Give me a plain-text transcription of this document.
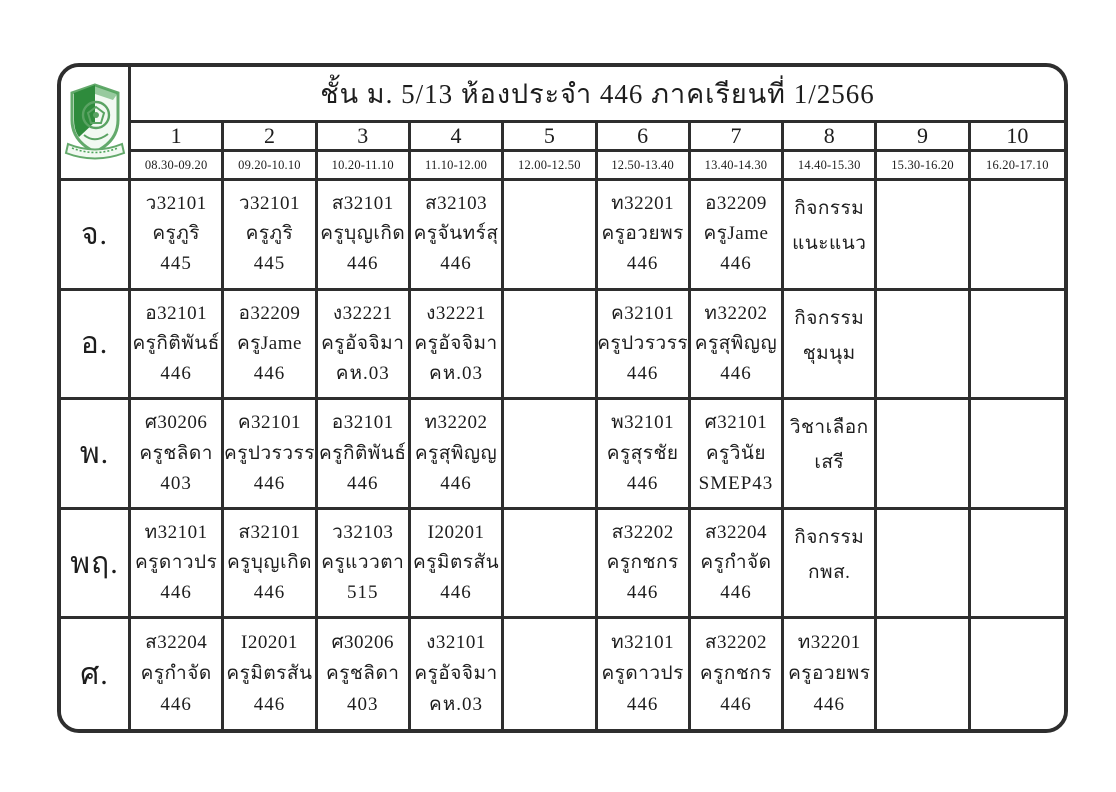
ชั้น ม. 5/13 ห้องประจำ 446 ภาคเรียนที่ 1/2566
1
08.30-09.20
2
09.20-10.10
3
10.20-11.10
4
11.10-12.00
5
12.00-12.50
6
12.50-13.40
7
13.40-14.30
8
14.40-15.30
9
15.30-16.20
10
16.20-17.10
จ.
ว32101
ครูภูริ
445
ว32101
ครูภูริ
445
ส32101
ครูบุญเกิด
446
ส32103
ครูจันทร์สุ
446
ท32201
ครูอวยพร
446
อ32209
ครูJame
446
กิจกรรม
แนะแนว
อ.
อ32101
ครูกิติพันธ์
446
อ32209
ครูJame
446
ง32221
ครูอัจจิมา
คห.03
ง32221
ครูอัจจิมา
คห.03
ค32101
ครูปวรวรร
446
ท32202
ครูสุพิญญ
446
กิจกรรม
ชุมนุม
พ.
ศ30206
ครูชลิดา
403
ค32101
ครูปวรวรร
446
อ32101
ครูกิติพันธ์
446
ท32202
ครูสุพิญญ
446
พ32101
ครูสุรชัย
446
ศ32101
ครูวินัย
SMEP43
วิชาเลือก
เสรี
พฤ.
ท32101
ครูดาวปร
446
ส32101
ครูบุญเกิด
446
ว32103
ครูแววตา
515
I20201
ครูมิตรสัน
446
ส32202
ครูกชกร
446
ส32204
ครูกำจัด
446
กิจกรรม
กพส.
ศ.
ส32204
ครูกำจัด
446
I20201
ครูมิตรสัน
446
ศ30206
ครูชลิดา
403
ง32101
ครูอัจจิมา
คห.03
ท32101
ครูดาวปร
446
ส32202
ครูกชกร
446
ท32201
ครูอวยพร
446
